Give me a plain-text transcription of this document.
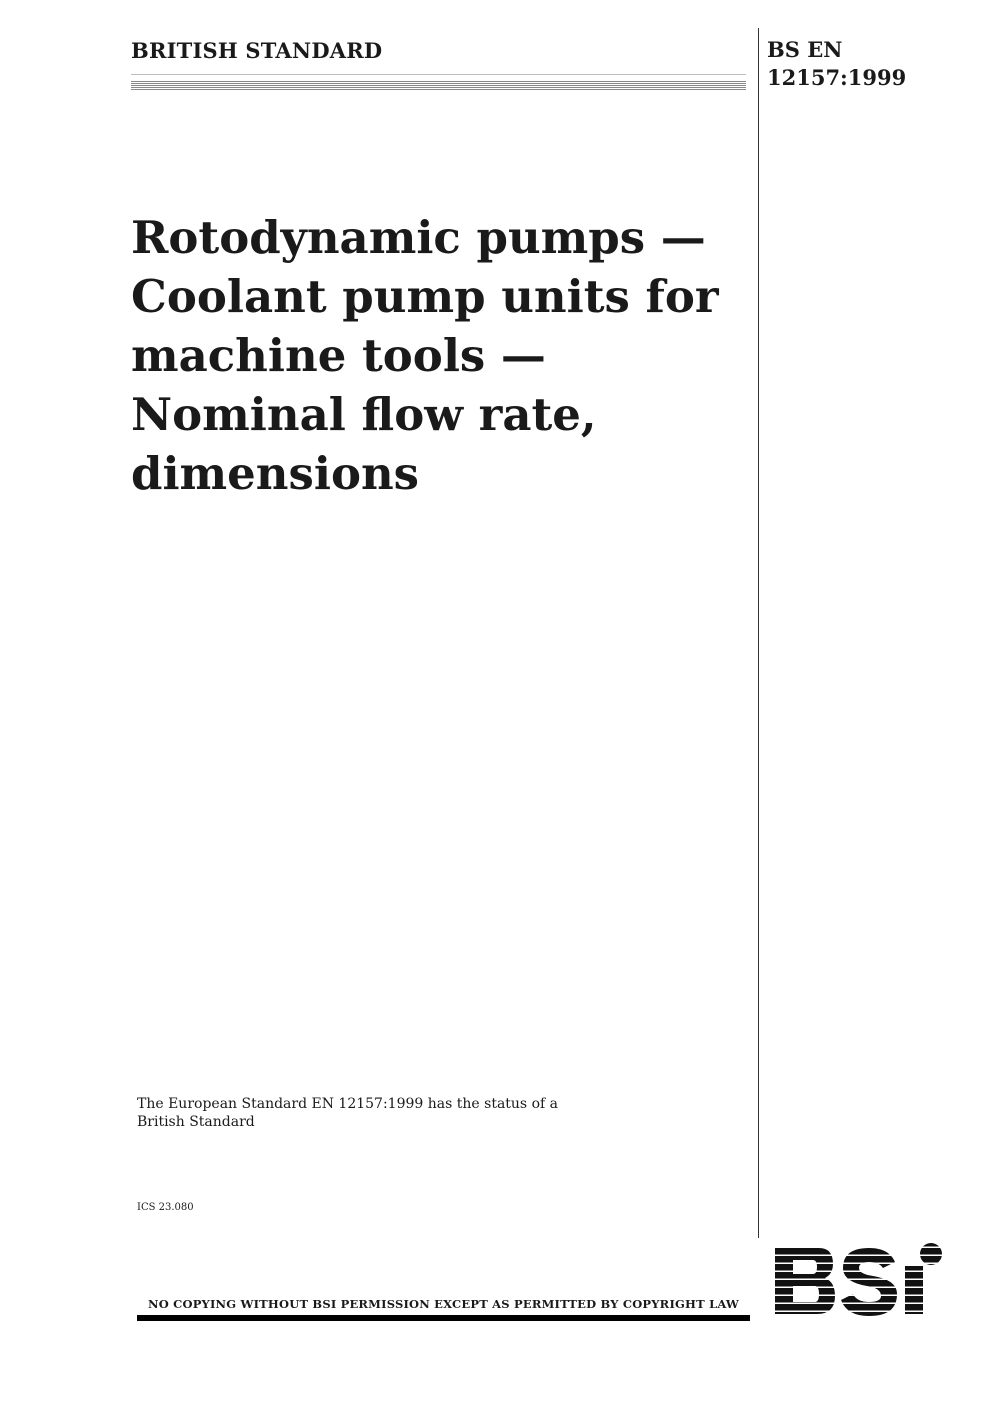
BRITISH STANDARD	BS EN
12157:1999
Rotodynamic pumps —
Coolant pump units for
machine tools —
Nominal flow rate,
dimensions
The European Standard EN 12157:1999 has the status of a
British Standard
ICS 23.080
NO COPYING WITHOUT BSI PERMISSION EXCEPT AS PERMITTED BY COPYRIGHT LAW
